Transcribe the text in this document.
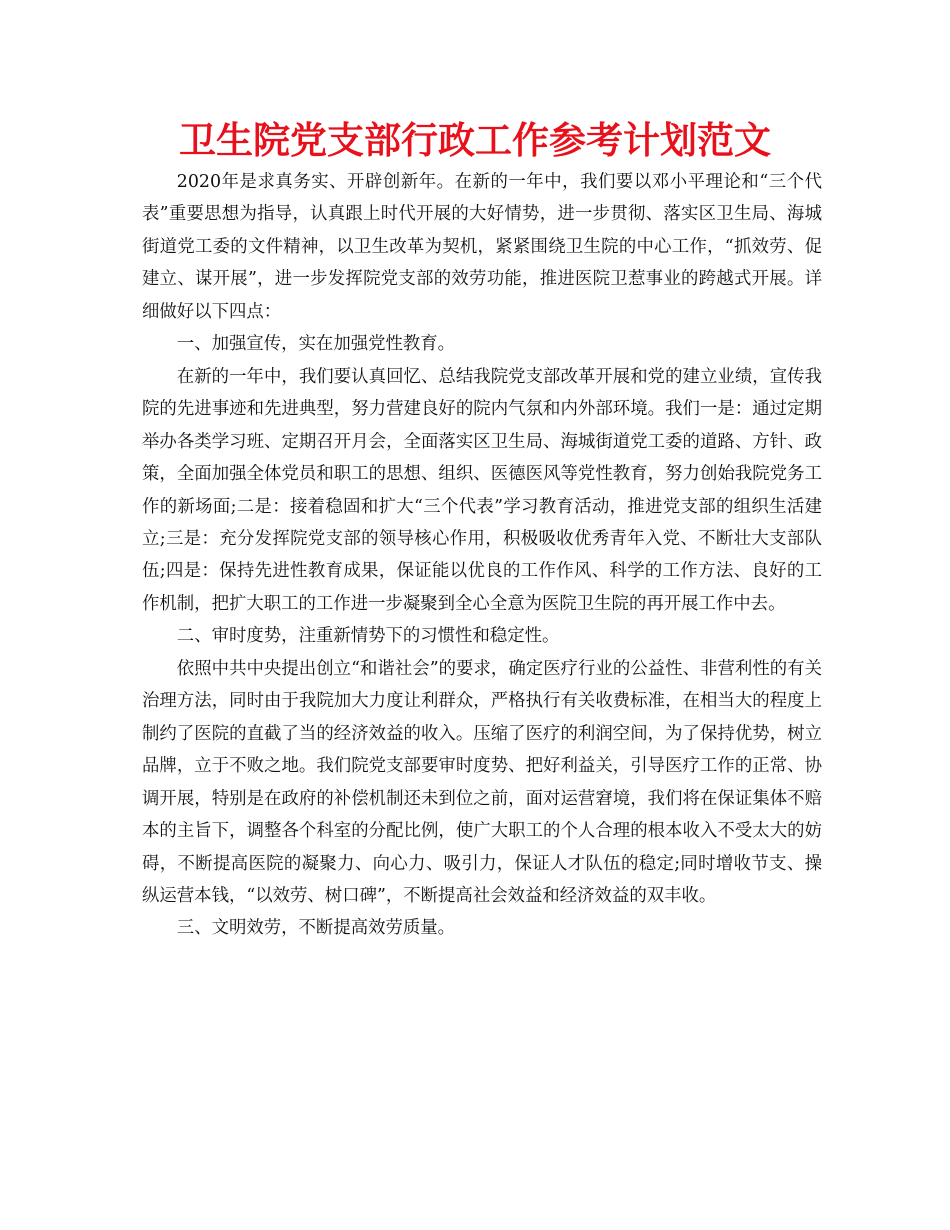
卫生院党支部行政工作参考计划范文

2020年是求真务实、开辟创新年。在新的一年中，我们要以邓小平理论和“三个代表”重要思想为指导，认真跟上时代开展的大好情势，进一步贯彻、落实区卫生局、海城街道党工委的文件精神，以卫生改革为契机，紧紧围绕卫生院的中心工作，“抓效劳、促建立、谋开展”，进一步发挥院党支部的效劳功能，推进医院卫惹事业的跨越式开展。详细做好以下四点：

一、加强宣传，实在加强党性教育。

在新的一年中，我们要认真回忆、总结我院党支部改革开展和党的建立业绩，宣传我院的先进事迹和先进典型，努力营建良好的院内气氛和内外部环境。我们一是：通过定期举办各类学习班、定期召开月会，全面落实区卫生局、海城街道党工委的道路、方针、政策，全面加强全体党员和职工的思想、组织、医德医风等党性教育，努力创始我院党务工作的新场面;二是：接着稳固和扩大“三个代表”学习教育活动，推进党支部的组织生活建立;三是：充分发挥院党支部的领导核心作用，积极吸收优秀青年入党、不断壮大支部队伍;四是：保持先进性教育成果，保证能以优良的工作作风、科学的工作方法、良好的工作机制，把扩大职工的工作进一步凝聚到全心全意为医院卫生院的再开展工作中去。

二、审时度势，注重新情势下的习惯性和稳定性。

依照中共中央提出创立“和谐社会”的要求，确定医疗行业的公益性、非营利性的有关治理方法，同时由于我院加大力度让利群众，严格执行有关收费标准，在相当大的程度上制约了医院的直截了当的经济效益的收入。压缩了医疗的利润空间，为了保持优势，树立品牌，立于不败之地。我们院党支部要审时度势、把好利益关，引导医疗工作的正常、协调开展，特别是在政府的补偿机制还未到位之前，面对运营窘境，我们将在保证集体不赔本的主旨下，调整各个科室的分配比例，使广大职工的个人合理的根本收入不受太大的妨碍，不断提高医院的凝聚力、向心力、吸引力，保证人才队伍的稳定;同时增收节支、操纵运营本钱，“以效劳、树口碑”，不断提高社会效益和经济效益的双丰收。

三、文明效劳，不断提高效劳质量。
